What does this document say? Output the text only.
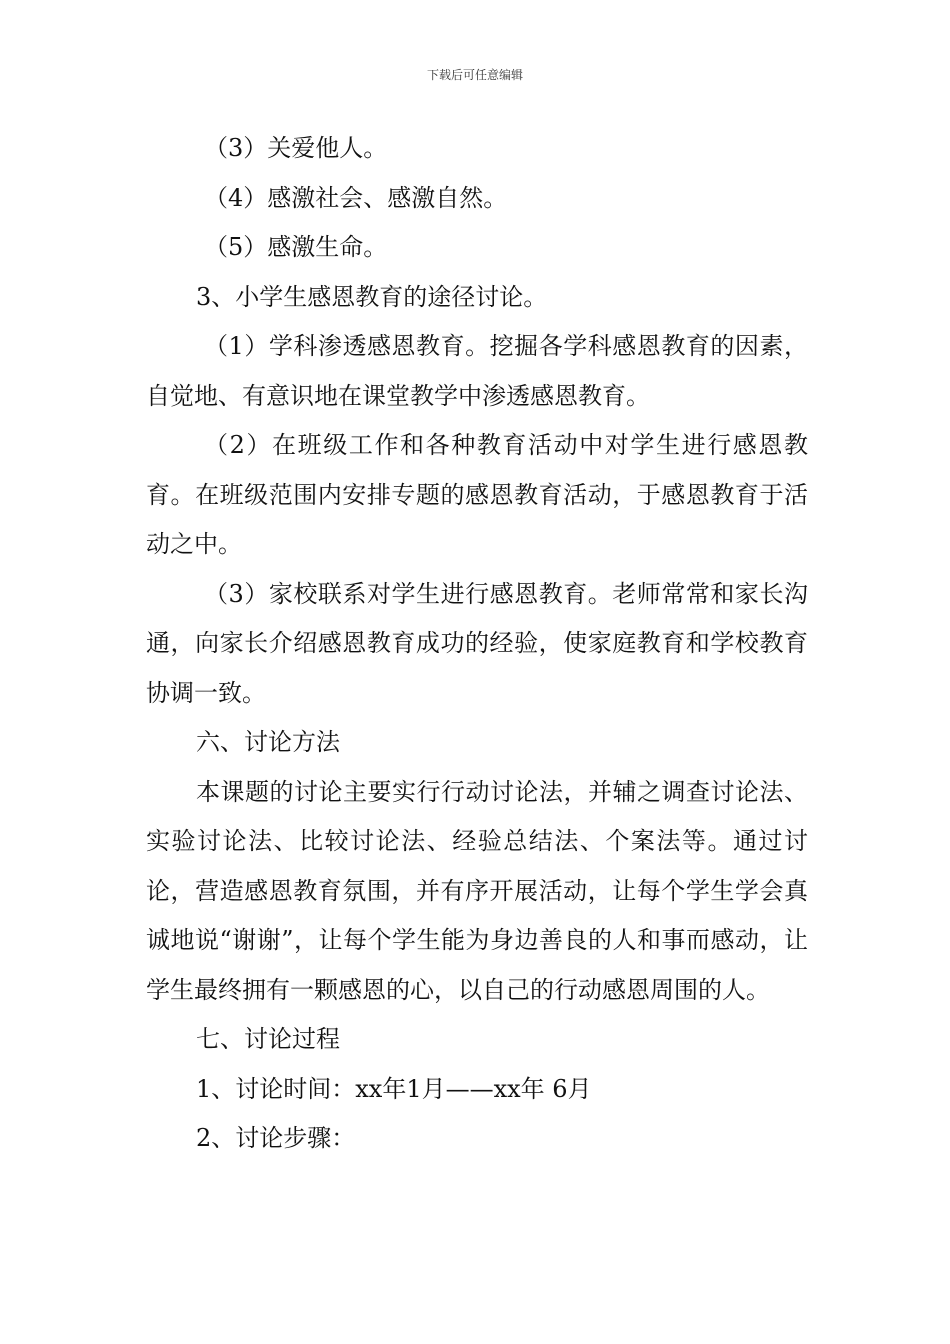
下载后可任意编辑

（3）关爱他人。

（4）感激社会、感激自然。

（5）感激生命。

3、小学生感恩教育的途径讨论。

（1）学科渗透感恩教育。挖掘各学科感恩教育的因素，自觉地、有意识地在课堂教学中渗透感恩教育。

（2）在班级工作和各种教育活动中对学生进行感恩教育。在班级范围内安排专题的感恩教育活动，于感恩教育于活动之中。

（3）家校联系对学生进行感恩教育。老师常常和家长沟通，向家长介绍感恩教育成功的经验，使家庭教育和学校教育协调一致。

六、讨论方法

本课题的讨论主要实行行动讨论法，并辅之调查讨论法、实验讨论法、比较讨论法、经验总结法、个案法等。通过讨论，营造感恩教育氛围，并有序开展活动，让每个学生学会真诚地说“谢谢”，让每个学生能为身边善良的人和事而感动，让学生最终拥有一颗感恩的心，以自己的行动感恩周围的人。

七、讨论过程

1、讨论时间：xx年1月——xx年 6月

2、讨论步骤：
